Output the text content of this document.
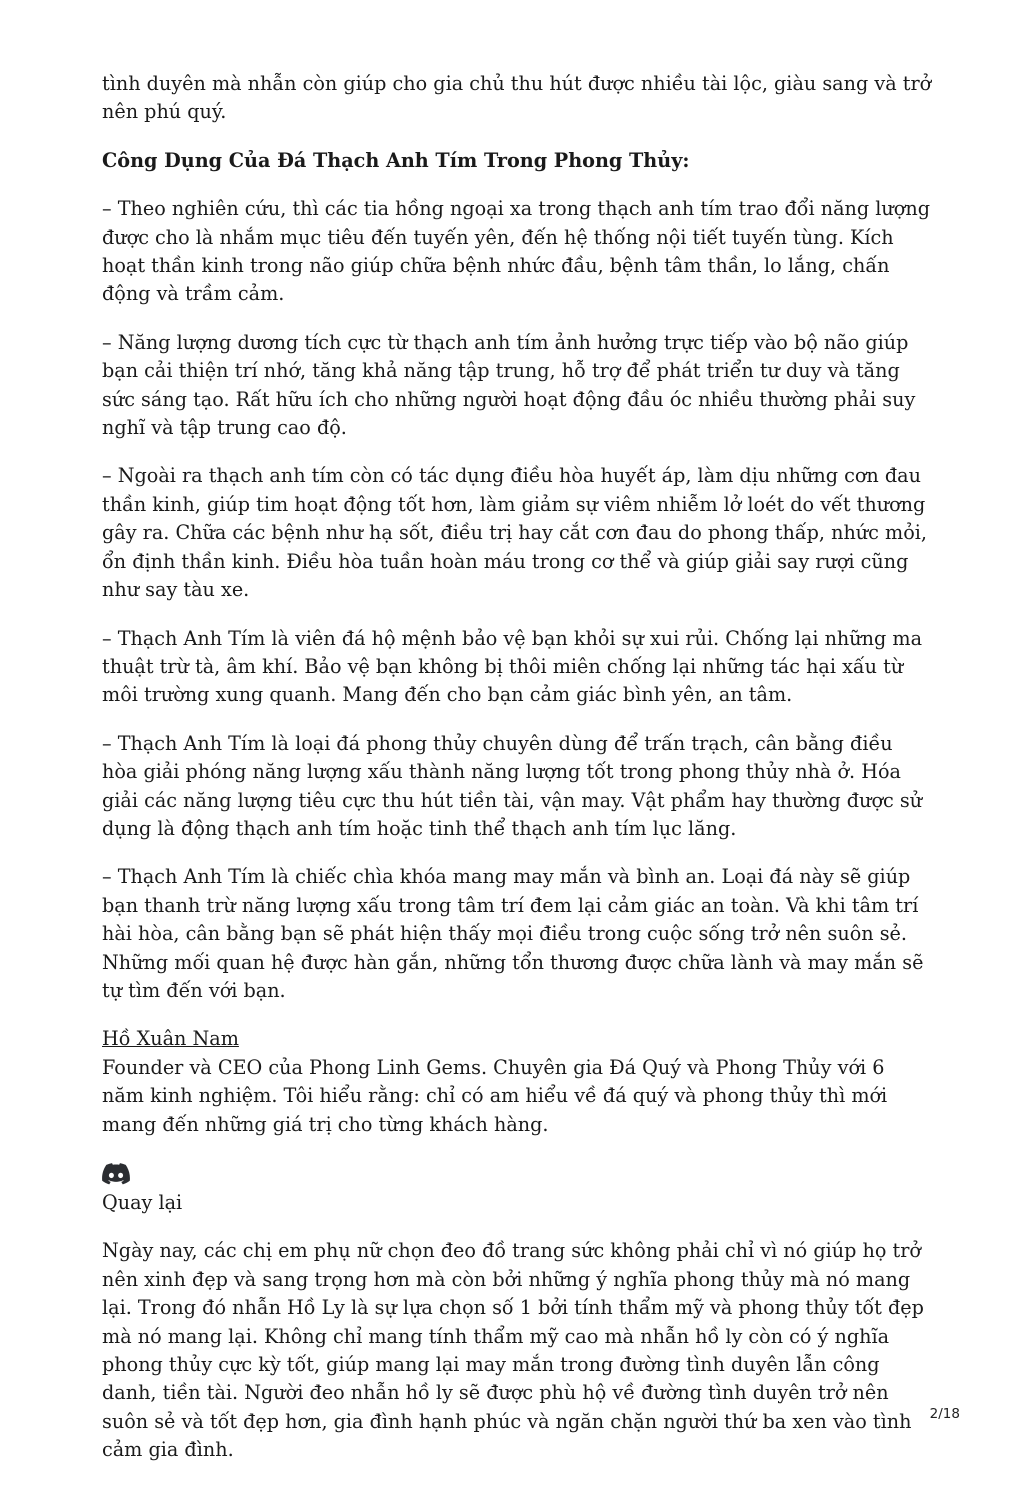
tình duyên mà nhẫn còn giúp cho gia chủ thu hút được nhiều tài lộc, giàu sang và trở nên phú quý.

Công Dụng Của Đá Thạch Anh Tím Trong Phong Thủy:

– Theo nghiên cứu, thì các tia hồng ngoại xa trong thạch anh tím trao đổi năng lượng được cho là nhắm mục tiêu đến tuyến yên, đến hệ thống nội tiết tuyến tùng. Kích hoạt thần kinh trong não giúp chữa bệnh nhức đầu, bệnh tâm thần, lo lắng, chấn động và trầm cảm.

– Năng lượng dương tích cực từ thạch anh tím ảnh hưởng trực tiếp vào bộ não giúp bạn cải thiện trí nhớ, tăng khả năng tập trung, hỗ trợ để phát triển tư duy và tăng sức sáng tạo. Rất hữu ích cho những người hoạt động đầu óc nhiều thường phải suy nghĩ và tập trung cao độ.

– Ngoài ra thạch anh tím còn có tác dụng điều hòa huyết áp, làm dịu những cơn đau thần kinh, giúp tim hoạt động tốt hơn, làm giảm sự viêm nhiễm lở loét do vết thương gây ra. Chữa các bệnh như hạ sốt, điều trị hay cắt cơn đau do phong thấp, nhức mỏi, ổn định thần kinh. Điều hòa tuần hoàn máu trong cơ thể và giúp giải say rượi cũng như say tàu xe.

– Thạch Anh Tím là viên đá hộ mệnh bảo vệ bạn khỏi sự xui rủi. Chống lại những ma thuật trừ tà, âm khí. Bảo vệ bạn không bị thôi miên chống lại những tác hại xấu từ môi trường xung quanh. Mang đến cho bạn cảm giác bình yên, an tâm.

– Thạch Anh Tím là loại đá phong thủy chuyên dùng để trấn trạch, cân bằng điều hòa giải phóng năng lượng xấu thành năng lượng tốt trong phong thủy nhà ở. Hóa giải các năng lượng tiêu cực thu hút tiền tài, vận may. Vật phẩm hay thường được sử dụng là động thạch anh tím hoặc tinh thể thạch anh tím lục lăng.

– Thạch Anh Tím là chiếc chìa khóa mang may mắn và bình an. Loại đá này sẽ giúp bạn thanh trừ năng lượng xấu trong tâm trí đem lại cảm giác an toàn. Và khi tâm trí hài hòa, cân bằng bạn sẽ phát hiện thấy mọi điều trong cuộc sống trở nên suôn sẻ. Những mối quan hệ được hàn gắn, những tổn thương được chữa lành và may mắn sẽ tự tìm đến với bạn.

Hồ Xuân Nam
Founder và CEO của Phong Linh Gems. Chuyên gia Đá Quý và Phong Thủy với 6 năm kinh nghiệm. Tôi hiểu rằng: chỉ có am hiểu về đá quý và phong thủy thì mới mang đến những giá trị cho từng khách hàng.
Quay lại

Ngày nay, các chị em phụ nữ chọn đeo đồ trang sức không phải chỉ vì nó giúp họ trở nên xinh đẹp và sang trọng hơn mà còn bởi những ý nghĩa phong thủy mà nó mang lại. Trong đó nhẫn Hồ Ly là sự lựa chọn số 1 bởi tính thẩm mỹ và phong thủy tốt đẹp mà nó mang lại. Không chỉ mang tính thẩm mỹ cao mà nhẫn hồ ly còn có ý nghĩa phong thủy cực kỳ tốt, giúp mang lại may mắn trong đường tình duyên lẫn công danh, tiền tài. Người đeo nhẫn hồ ly sẽ được phù hộ về đường tình duyên trở nên suôn sẻ và tốt đẹp hơn, gia đình hạnh phúc và ngăn chặn người thứ ba xen vào tình cảm gia đình.

2/18
